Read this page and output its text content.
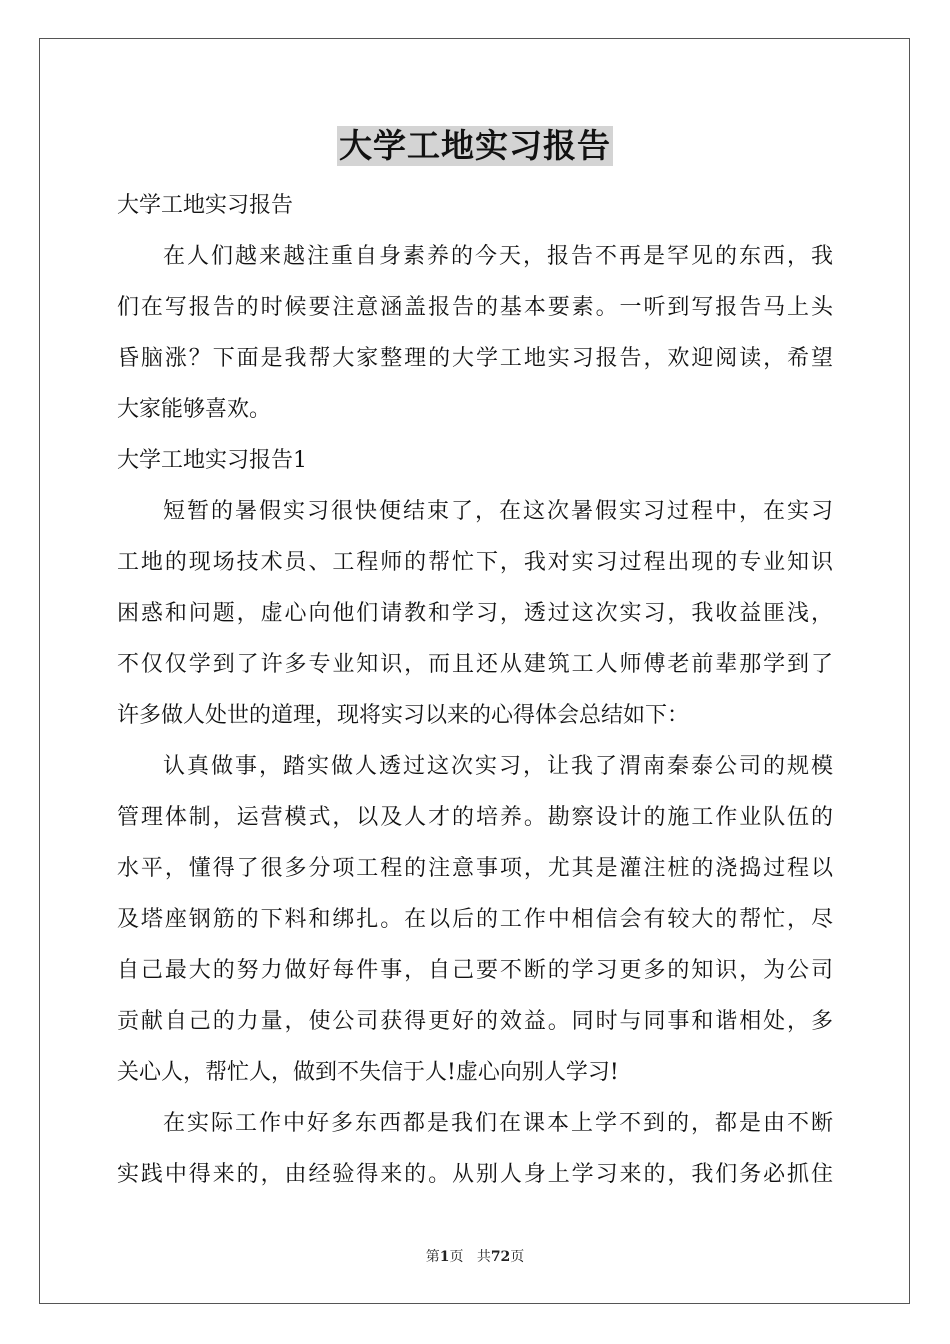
大学工地实习报告
大学工地实习报告
在人们越来越注重自身素养的今天，报告不再是罕见的东西，我
们在写报告的时候要注意涵盖报告的基本要素。一听到写报告马上头
昏脑涨？下面是我帮大家整理的大学工地实习报告，欢迎阅读，希望
大家能够喜欢。
大学工地实习报告1
短暂的暑假实习很快便结束了，在这次暑假实习过程中，在实习
工地的现场技术员、工程师的帮忙下，我对实习过程出现的专业知识
困惑和问题，虚心向他们请教和学习，透过这次实习，我收益匪浅，
不仅仅学到了许多专业知识，而且还从建筑工人师傅老前辈那学到了
许多做人处世的道理，现将实习以来的心得体会总结如下：
认真做事，踏实做人透过这次实习，让我了渭南秦泰公司的规模
管理体制，运营模式，以及人才的培养。勘察设计的施工作业队伍的
水平，懂得了很多分项工程的注意事项，尤其是灌注桩的浇捣过程以
及塔座钢筋的下料和绑扎。在以后的工作中相信会有较大的帮忙，尽
自己最大的努力做好每件事，自己要不断的学习更多的知识，为公司
贡献自己的力量，使公司获得更好的效益。同时与同事和谐相处，多
关心人，帮忙人，做到不失信于人!虚心向别人学习!
在实际工作中好多东西都是我们在课本上学不到的，都是由不断
实践中得来的，由经验得来的。从别人身上学习来的，我们务必抓住
第1页 共72页
